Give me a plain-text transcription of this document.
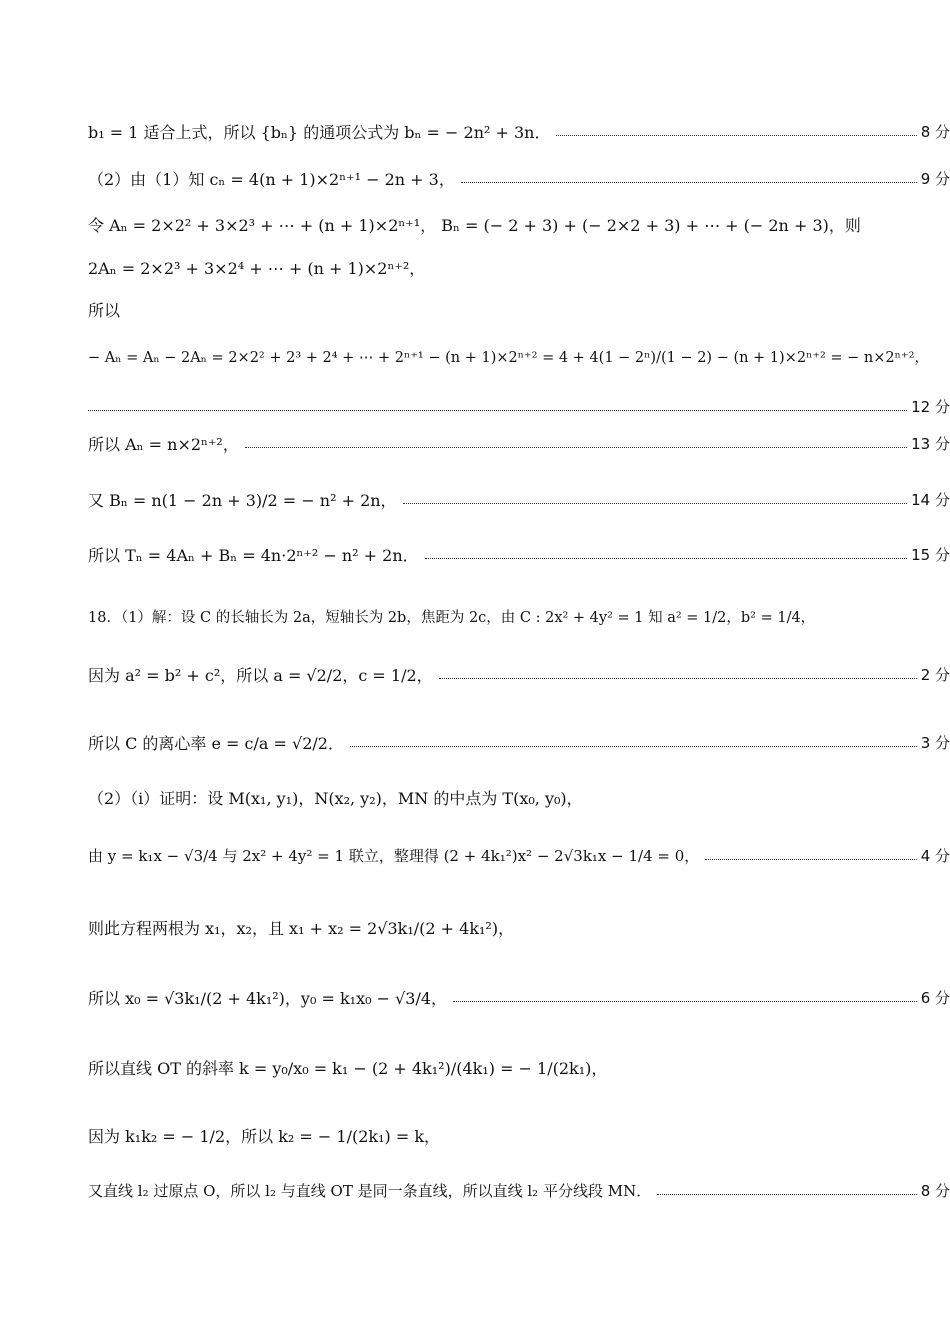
b₁ = 1 适合上式，所以 {bₙ} 的通项公式为 bₙ = − 2n² + 3n．	8 分
（2）由（1）知 cₙ = 4(n + 1)×2ⁿ⁺¹ − 2n + 3，	9 分
令 Aₙ = 2×2² + 3×2³ + ⋯ + (n + 1)×2ⁿ⁺¹， Bₙ = (− 2 + 3) + (− 2×2 + 3) + ⋯ + (− 2n + 3)，则
2Aₙ = 2×2³ + 3×2⁴ + ⋯ + (n + 1)×2ⁿ⁺²，
所以
− Aₙ = Aₙ − 2Aₙ = 2×2² + 2³ + 2⁴ + ⋯ + 2ⁿ⁺¹ − (n + 1)×2ⁿ⁺² = 4 + 4(1 − 2ⁿ)/(1 − 2) − (n + 1)×2ⁿ⁺² = − n×2ⁿ⁺²，
12 分
所以 Aₙ = n×2ⁿ⁺²，	13 分
又 Bₙ = n(1 − 2n + 3)/2 = − n² + 2n，	14 分
所以 Tₙ = 4Aₙ + Bₙ = 4n·2ⁿ⁺² − n² + 2n．	15 分
18．（1）解：设 C 的长轴长为 2a，短轴长为 2b，焦距为 2c，由 C : 2x² + 4y² = 1 知 a² = 1/2，b² = 1/4，
因为 a² = b² + c²，所以 a = √2/2，c = 1/2，	2 分
所以 C 的离心率 e = c/a = √2/2．	3 分
（2）（i）证明：设 M(x₁, y₁)，N(x₂, y₂)，MN 的中点为 T(x₀, y₀)，
由 y = k₁x − √3/4 与 2x² + 4y² = 1 联立，整理得 (2 + 4k₁²)x² − 2√3k₁x − 1/4 = 0，	4 分
则此方程两根为 x₁，x₂，且 x₁ + x₂ = 2√3k₁/(2 + 4k₁²)，
所以 x₀ = √3k₁/(2 + 4k₁²)，y₀ = k₁x₀ − √3/4，	6 分
所以直线 OT 的斜率 k = y₀/x₀ = k₁ − (2 + 4k₁²)/(4k₁) = − 1/(2k₁)，
因为 k₁k₂ = − 1/2，所以 k₂ = − 1/(2k₁) = k，
又直线 l₂ 过原点 O，所以 l₂ 与直线 OT 是同一条直线，所以直线 l₂ 平分线段 MN．	8 分
